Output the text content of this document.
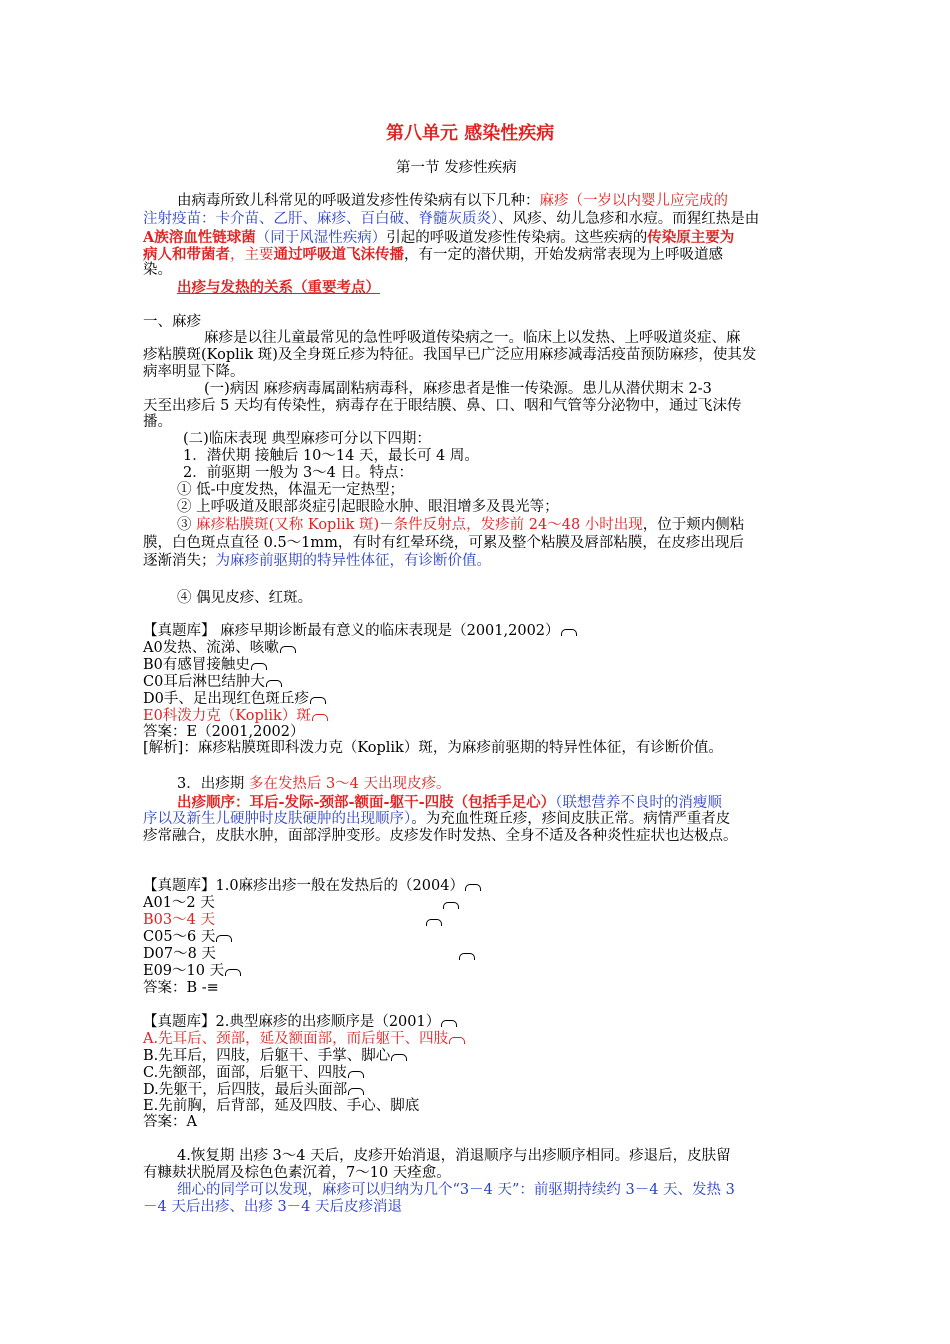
第八单元 感染性疾病
第一节 发疹性疾病
由病毒所致儿科常见的呼吸道发疹性传染病有以下几种：麻疹（一岁以内婴儿应完成的
注射疫苗：卡介苗、乙肝、麻疹、百白破、脊髓灰质炎）、风疹、幼儿急疹和水痘。而猩红热是由
A族溶血性链球菌（同于风湿性疾病）引起的呼吸道发疹性传染病。这些疾病的传染原主要为
病人和带菌者，主要通过呼吸道飞沫传播，有一定的潜伏期，开始发病常表现为上呼吸道感
染。
出疹与发热的关系（重要考点）
一、麻疹
麻疹是以往儿童最常见的急性呼吸道传染病之一。临床上以发热、上呼吸道炎症、麻
疹粘膜斑(Koplik 斑)及全身斑丘疹为特征。我国早已广泛应用麻疹减毒活疫苗预防麻疹，使其发
病率明显下降。
(一)病因 麻疹病毒属副粘病毒科，麻疹患者是惟一传染源。患儿从潜伏期末 2-3
天至出疹后 5 天均有传染性，病毒存在于眼结膜、鼻、口、咽和气管等分泌物中，通过飞沫传
播。
(二)临床表现 典型麻疹可分以下四期：
1．潜伏期 接触后 10～14 天，最长可 4 周。
2．前驱期 一般为 3～4 日。特点：
① 低-中度发热，体温无一定热型；
② 上呼吸道及眼部炎症引起眼睑水肿、眼泪增多及畏光等；
③ 麻疹粘膜斑(又称 Koplik 斑)－条件反射点，发疹前 24～48 小时出现，位于颊内侧粘
膜，白色斑点直径 0.5～1mm，有时有红晕环绕，可累及整个粘膜及唇部粘膜，在皮疹出现后
逐渐消失；为麻疹前驱期的特异性体征，有诊断价值。
④ 偶见皮疹、红斑。
【真题库】 麻疹早期诊断最有意义的临床表现是（2001,2002）
A0发热、流涕、咳嗽
B0有感冒接触史
C0耳后淋巴结肿大
D0手、足出现红色斑丘疹
E0科泼力克（Koplik）斑
答案：E（2001,2002）
[解析]：麻疹粘膜斑即科泼力克（Koplik）斑，为麻疹前驱期的特异性体征，有诊断价值。
3．出疹期 多在发热后 3～4 天出现皮疹。
出疹顺序：耳后-发际-颈部-额面-躯干-四肢（包括手足心）（联想营养不良时的消瘦顺
序以及新生儿硬肿时皮肤硬肿的出现顺序）。为充血性斑丘疹，疹间皮肤正常。病情严重者皮
疹常融合，皮肤水肿，面部浮肿变形。皮疹发作时发热、全身不适及各种炎性症状也达极点。
【真题库】1.0麻疹出疹一般在发热后的（2004）
A01～2 天
B03～4 天
C05～6 天
D07～8 天
E09～10 天
答案：B -≡
【真题库】2.典型麻疹的出疹顺序是（2001）
A.先耳后、颈部，延及额面部，而后躯干、四肢
B.先耳后，四肢，后躯干、手掌、脚心
C.先额部，面部，后躯干、四肢
D.先躯干，后四肢，最后头面部
E.先前胸，后背部，延及四肢、手心、脚底
答案：A
4.恢复期 出疹 3～4 天后，皮疹开始消退，消退顺序与出疹顺序相同。疹退后，皮肤留
有糠麸状脱屑及棕色色素沉着，7～10 天痊愈。
细心的同学可以发现，麻疹可以归纳为几个“3－4 天”：前驱期持续约 3－4 天、发热 3
－4 天后出疹、出疹 3－4 天后皮疹消退
